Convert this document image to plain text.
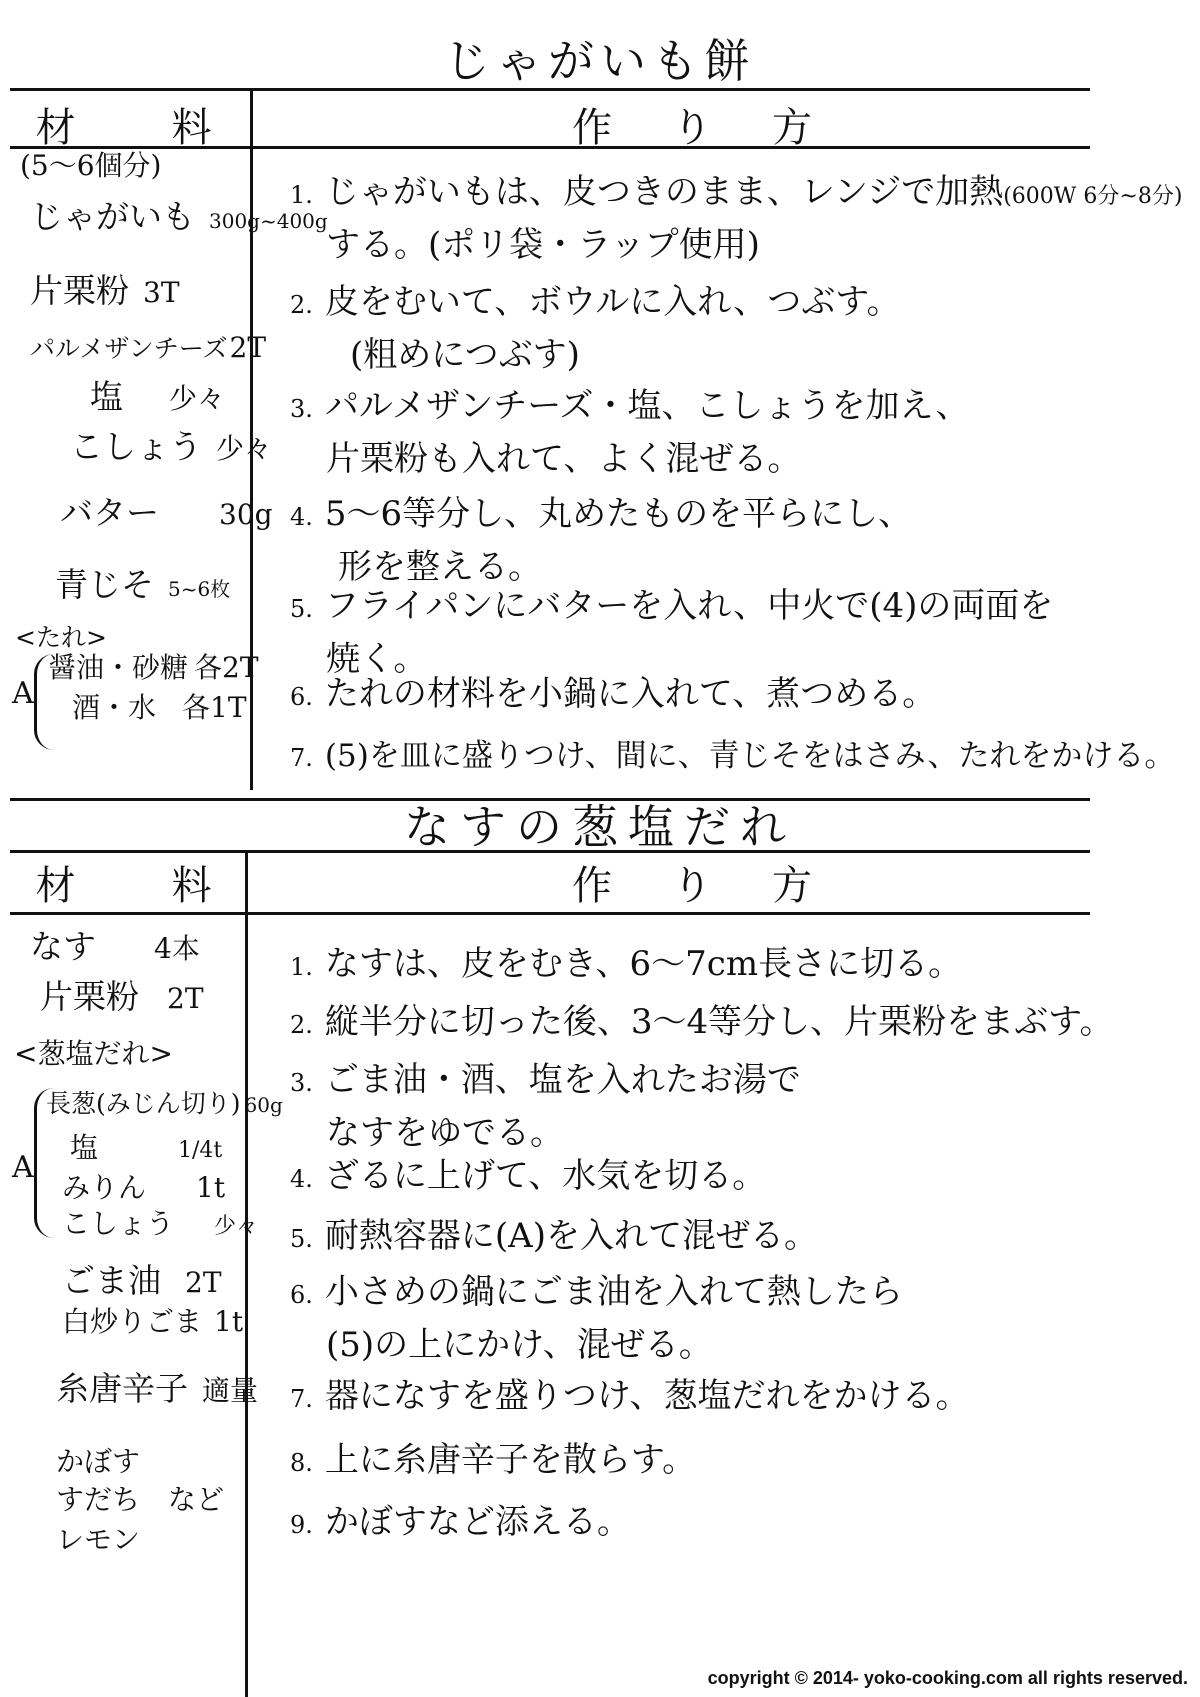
じゃがいも餅
材　料	作り方
(5～6個分)
じゃがいも 300g~400g
片栗粉 3T
パルメザンチーズ2T
塩 少々
こしょう 少々
バター 30g
青じそ 5~6枚
<たれ>
A
醤油・砂糖 各2T
酒・水 各1T
1. じゃがいもは、皮つきのまま、レンジで加熱(600W 6分~8分)
する。(ポリ袋・ラップ使用)
2. 皮をむいて、ボウルに入れ、つぶす。
(粗めにつぶす)
3. パルメザンチーズ・塩、こしょうを加え、
片栗粉も入れて、よく混ぜる。
4. 5～6等分し、丸めたものを平らにし、
形を整える。
5. フライパンにバターを入れ、中火で(4)の両面を
焼く。
6. たれの材料を小鍋に入れて、煮つめる。
7. (5)を皿に盛りつけ、間に、青じそをはさみ、たれをかける。
なすの葱塩だれ
材　料	作り方
なす 4本
片栗粉 2T
<葱塩だれ>
A
長葱(みじん切り) 60g
塩	1/4t
みりん 1t
こしょう 少々
ごま油 2T
白炒りごま 1t
糸唐辛子 適量
かぼす
すだち　など
レモン
1. なすは、皮をむき、6～7cm長さに切る。
2. 縦半分に切った後、3～4等分し、片栗粉をまぶす。
3. ごま油・酒、塩を入れたお湯で
なすをゆでる。
4. ざるに上げて、水気を切る。
5. 耐熱容器に(A)を入れて混ぜる。
6. 小さめの鍋にごま油を入れて熱したら
(5)の上にかけ、混ぜる。
7. 器になすを盛りつけ、葱塩だれをかける。
8. 上に糸唐辛子を散らす。
9. かぼすなど添える。
copyright © 2014- yoko-cooking.com all rights reserved.
